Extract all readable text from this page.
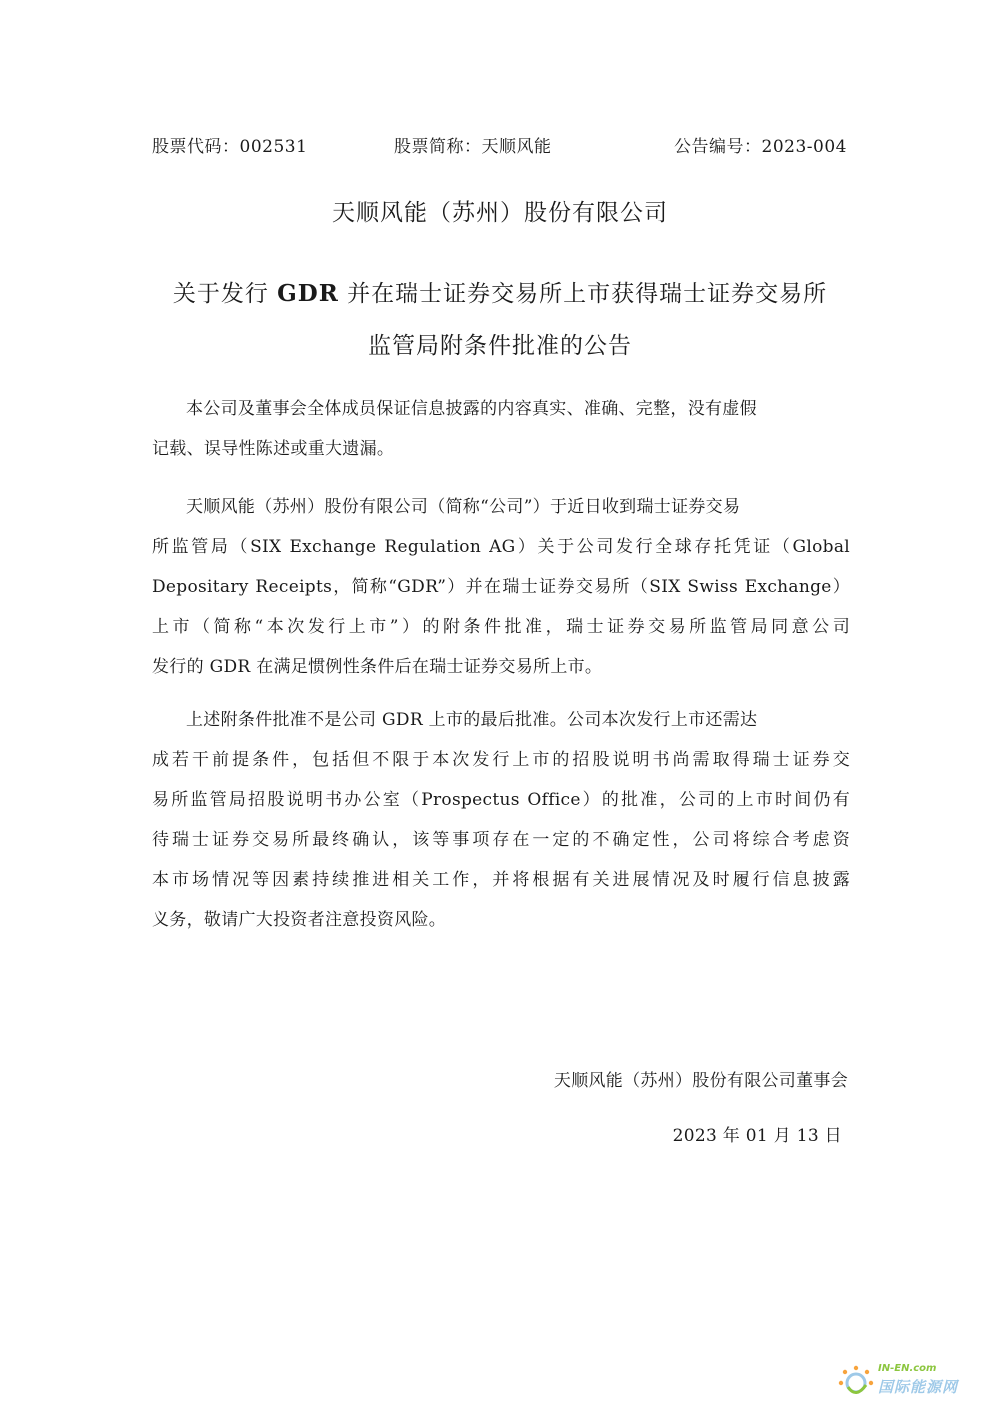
股票代码：002531	股票简称：天顺风能	公告编号：2023-004
天顺风能（苏州）股份有限公司
关于发行 GDR 并在瑞士证券交易所上市获得瑞士证券交易所
监管局附条件批准的公告
本公司及董事会全体成员保证信息披露的内容真实、准确、完整，没有虚假
记载、误导性陈述或重大遗漏。
天顺风能（苏州）股份有限公司（简称“公司”）于近日收到瑞士证券交易
所监管局（SIX Exchange Regulation AG）关于公司发行全球存托凭证（Global
Depositary Receipts，简称“GDR”）并在瑞士证券交易所（SIX Swiss Exchange）
上市（简称“本次发行上市”）的附条件批准，瑞士证券交易所监管局同意公司
发行的 GDR 在满足惯例性条件后在瑞士证券交易所上市。
上述附条件批准不是公司 GDR 上市的最后批准。公司本次发行上市还需达
成若干前提条件，包括但不限于本次发行上市的招股说明书尚需取得瑞士证券交
易所监管局招股说明书办公室（Prospectus Office）的批准，公司的上市时间仍有
待瑞士证券交易所最终确认，该等事项存在一定的不确定性，公司将综合考虑资
本市场情况等因素持续推进相关工作，并将根据有关进展情况及时履行信息披露
义务，敬请广大投资者注意投资风险。
天顺风能（苏州）股份有限公司董事会
2023 年 01 月 13 日
IN-EN.com
国际能源网
